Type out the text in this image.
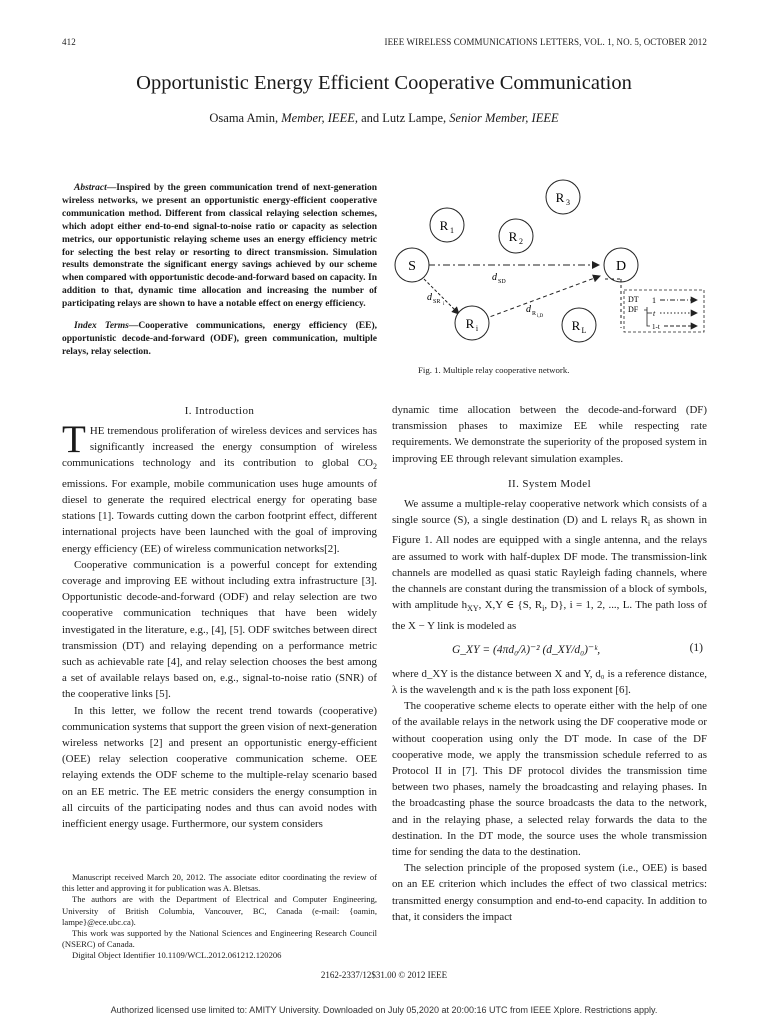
412	IEEE WIRELESS COMMUNICATIONS LETTERS, VOL. 1, NO. 5, OCTOBER 2012
Opportunistic Energy Efficient Cooperative Communication
Osama Amin, Member, IEEE, and Lutz Lampe, Senior Member, IEEE

Abstract—Inspired by the green communication trend of next-generation wireless networks, we present an opportunistic energy-efficient cooperative communication method. Different from classical relaying selection schemes, which adopt either end-to-end signal-to-noise ratio or capacity as selection metrics, our opportunistic relaying scheme uses an energy efficiency metric for selecting the best relay or resorting to direct transmission. Simulation results demonstrate the significant energy savings achieved by our scheme when compared with opportunistic decode-and-forward based on capacity. In addition to that, dynamic time allocation and increasing the number of participating relays are shown to have a notable effect on energy efficiency.

Index Terms—Cooperative communications, energy efficiency (EE), opportunistic decode-and-forward (ODF), green communication, multiple relays, relay selection.

S	D
R 1	R 2
R 3
R i	R L
d SD
d SR i	d R i,D
DT
DF
1
t
1-t
Fig. 1. Multiple relay cooperative network.
I. Introduction

THE tremendous proliferation of wireless devices and services has significantly increased the energy consumption of wireless communications technology and its contribution to global $CO_2$ emissions. For example, mobile communication uses huge amounts of diesel to generate the required electrical energy for operating base stations [1]. Towards cutting down the carbon footprint effect, different international projects have been launched with the goal of improving energy efficiency (EE) of wireless communication networks[2].

Cooperative communication is a powerful concept for extending coverage and improving EE without including extra infrastructure [3]. Opportunistic decode-and-forward (ODF) and relay selection are two cooperative communication techniques that have been widely investigated in the literature, e.g., [4], [5]. ODF switches between direct transmission (DT) and relaying depending on a performance metric such as achievable rate [4], and relay selection chooses the best among a set of available relays based on, e.g., signal-to-noise ratio (SNR) of the cooperative links [5].

In this letter, we follow the recent trend towards (cooperative) communication systems that support the green vision of next-generation wireless networks [2] and present an opportunistic energy-efficient (OEE) relay selection cooperative communication scheme. OEE relaying extends the ODF scheme to the multiple-relay scenario based on an EE metric. The EE metric considers the energy consumption in all circuits of the participating nodes and thus can avoid nodes with inefficient energy usage. Furthermore, our system considers

Manuscript received March 20, 2012. The associate editor coordinating the review of this letter and approving it for publication was A. Bletsas.

The authors are with the Department of Electrical and Computer Engineering, University of British Columbia, Vancouver, BC, Canada (e-mail: {oamin, lampe}@ece.ubc.ca).

This work was supported by the National Sciences and Engineering Research Council (NSERC) of Canada.

Digital Object Identifier 10.1109/WCL.2012.061212.120206

dynamic time allocation between the decode-and-forward (DF) transmission phases to maximize EE while respecting rate requirements. We demonstrate the superiority of the proposed system in improving EE through relevant simulation examples.

II. System Model

We assume a multiple-relay cooperative network which consists of a single source (S), a single destination (D) and L relays $R_i$ as shown in Figure 1. All nodes are equipped with a single antenna, and the relays are assumed to work with half-duplex DF mode. The transmission-link channels are modelled as quasi static Rayleigh fading channels, where the channels are constant during the transmission of a block of symbols, with amplitude $h_{XY}$, X,Y ∈ {S, $R_i$, D}, i = 1, 2, ..., L. The path loss of the X − Y link is modeled as

G_XY = (4πd₀/λ)⁻² (d_XY/d₀)⁻ᵏ,	(1)

where d_XY is the distance between X and Y, d₀ is a reference distance, λ is the wavelength and κ is the path loss exponent [6].

The cooperative scheme elects to operate either with the help of one of the available relays in the network using the DF cooperative mode or without cooperation using only the DT mode. In case of the DF cooperative mode, we apply the transmission schedule referred to as Protocol II in [7]. This DF protocol divides the transmission time between two phases, namely the broadcasting and relaying phases. In the broadcasting phase the source broadcasts the data to the network, and in the relaying phase, a selected relay forwards the data to the destination. In the DT mode, the source uses the whole transmission time for sending the data to the destination.

The selection principle of the proposed system (i.e., OEE) is based on an EE criterion which includes the effect of two classical metrics: transmitted energy consumption and end-to-end capacity. In addition to that, it considers the impact

2162-2337/12$31.00 © 2012 IEEE
Authorized licensed use limited to: AMITY University. Downloaded on July 05,2020 at 20:00:16 UTC from IEEE Xplore. Restrictions apply.
